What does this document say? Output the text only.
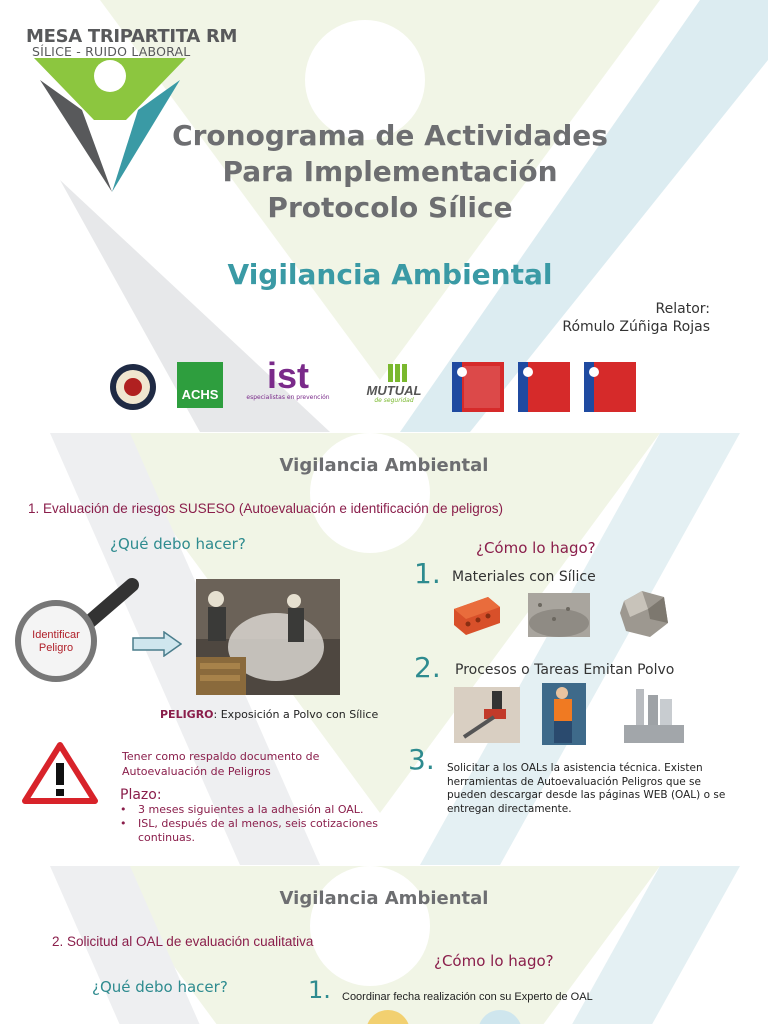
MESA TRIPARTITA RM
SÍLICE - RUIDO LABORAL
Cronograma de Actividades
Para Implementación
Protocolo Sílice
Vigilancia Ambiental
Relator:
Rómulo Zúñiga Rojas
ACHS	ist
especialistas en prevención	MUTUAL
de seguridad
Vigilancia Ambiental
1. Evaluación de riesgos SUSESO (Autoevaluación e identificación de peligros)
¿Qué debo hacer?	¿Cómo lo hago?
Identificar Peligro
PELIGRO: Exposición a Polvo con Sílice
Tener como respaldo documento de Autoevaluación de Peligros
Plazo:
• 3 meses siguientes a la adhesión al OAL.
• ISL, después de al menos, seis cotizaciones continuas.
1. Materiales con Sílice
2. Procesos o Tareas Emitan Polvo
3. Solicitar a los OALs la asistencia técnica. Existen herramientas de Autoevaluación Peligros que se pueden descargar desde las páginas WEB (OAL) o se entregan directamente.
Vigilancia Ambiental
2. Solicitud al OAL de evaluación cualitativa
¿Cómo lo hago?
¿Qué debo hacer?	1. Coordinar fecha realización con su Experto de OAL
